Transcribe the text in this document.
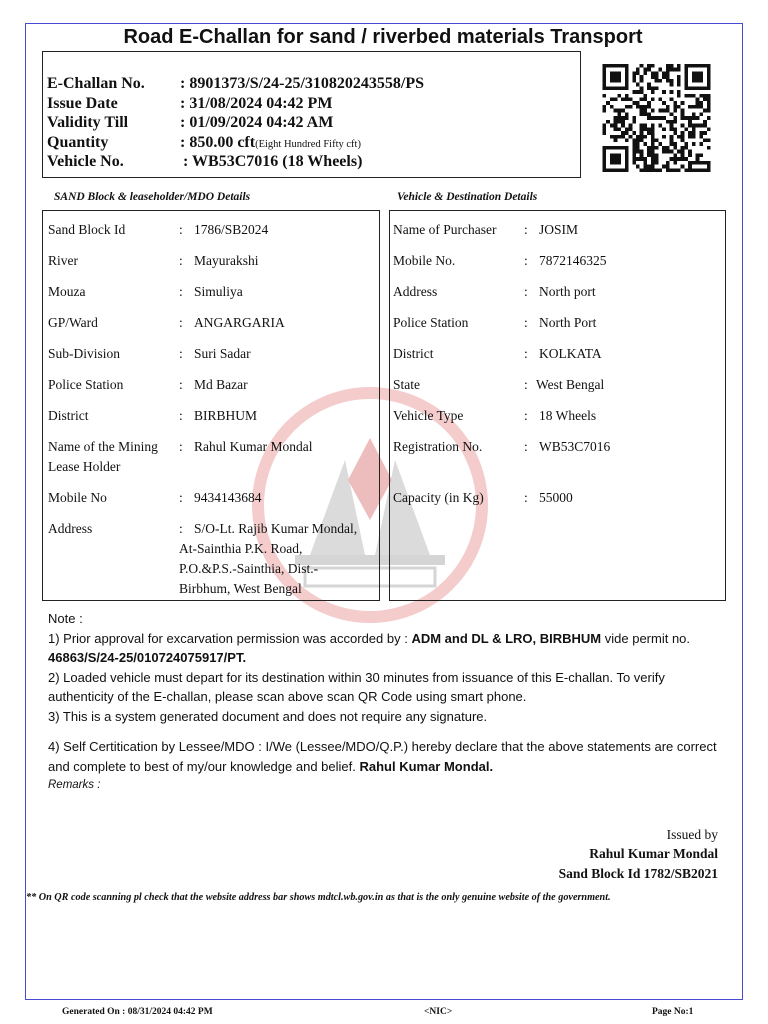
Road E-Challan for sand / riverbed materials Transport
E-Challan No. : 8901373/S/24-25/310820243558/PS
Issue Date	: 31/08/2024 04:42 PM
Validity Till	: 01/09/2024 04:42 AM
Quantity	: 850.00 cft(Eight Hundred Fifty cft)
Vehicle No.	: WB53C7016 (18 Wheels)
SAND Block & leaseholder/MDO Details	Vehicle & Destination Details
Sand Block Id	: 1786/SB2024
River	: Mayurakshi
Mouza	: Simuliya
GP/Ward	: ANGARGARIA
Sub-Division	: Suri Sadar
Police Station	: Md Bazar
District	: BIRBHUM
Name of the Mining
Lease Holder
: Rahul Kumar Mondal
Mobile No	: 9434143684
Address	: S/O-Lt. Rajib Kumar Mondal,
At-Sainthia P.K. Road,
P.O.&P.S.-Sainthia, Dist.-
Birbhum, West Bengal
Name of Purchaser : JOSIM
Mobile No.	: 7872146325
Address	: North port
Police Station	: North Port
District	: KOLKATA
State	: West Bengal
Vehicle Type	: 18 Wheels
Registration No.	: WB53C7016
Capacity (in Kg)	: 55000

Note :

1) Prior approval for excarvation permission was accorded by : ADM and DL & LRO, BIRBHUM vide permit no.

46863/S/24-25/010724075917/PT.

2) Loaded vehicle must depart for its destination within 30 minutes from issuance of this E-challan. To verify

authenticity of the E-challan, please scan above scan QR Code using smart phone.

3) This is a system generated document and does not require any signature.

4) Self Certitication by Lessee/MDO : I/We (Lessee/MDO/Q.P.) hereby declare that the above statements are correct

and complete to best of my/our knowledge and belief. Rahul Kumar Mondal.

Remarks :

Issued by
Rahul Kumar Mondal
Sand Block Id 1782/SB2021
** On QR code scanning pl check that the website address bar shows mdtcl.wb.gov.in as that is the only genuine website of the government.
Generated On : 08/31/2024 04:42 PM	<NIC>	Page No:1
